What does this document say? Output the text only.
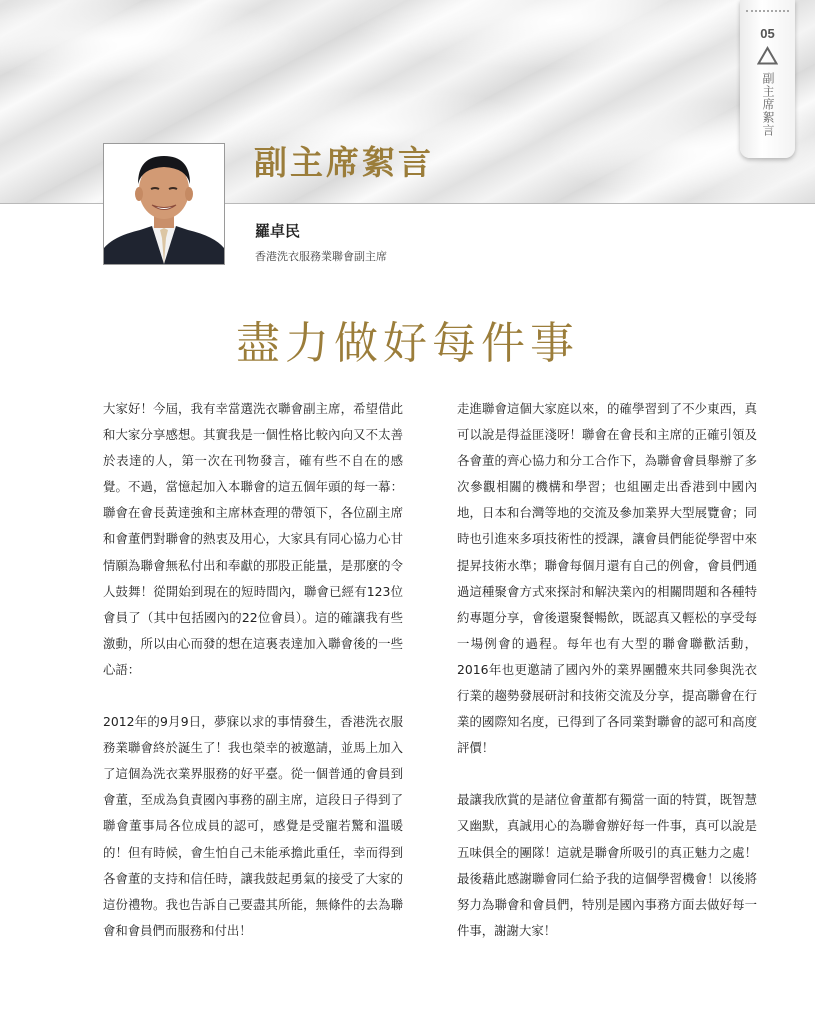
05
副主席絮言
副主席絮言
羅卓民
香港洗衣服務業聯會副主席
盡力做好每件事

大家好！今屆，我有幸當選洗衣聯會副主席，希望借此和大家分享感想。其實我是一個性格比較內向又不太善於表達的人，第一次在刊物發言，確有些不自在的感覺。不過，當憶起加入本聯會的這五個年頭的每一幕：聯會在會長黃達強和主席林查理的帶領下，各位副主席和會董們對聯會的熱衷及用心，大家具有同心協力心甘情願為聯會無私付出和奉獻的那股正能量，是那麼的令人鼓舞！從開始到現在的短時間內，聯會已經有123位會員了（其中包括國內的22位會員）。這的確讓我有些激動，所以由心而發的想在這裏表達加入聯會後的一些心語：

2012年的9月9日，夢寐以求的事情發生，香港洗衣服務業聯會終於誕生了！我也榮幸的被邀請，並馬上加入了這個為洗衣業界服務的好平臺。從一個普通的會員到會董，至成為負責國內事務的副主席，這段日子得到了聯會董事局各位成員的認可，感覺是受寵若驚和溫暖的！但有時候，會生怕自己未能承擔此重任，幸而得到各會董的支持和信任時，讓我鼓起勇氣的接受了大家的這份禮物。我也告訴自己要盡其所能，無條件的去為聯會和會員們而服務和付出！

走進聯會這個大家庭以來，的確學習到了不少東西，真可以說是得益匪淺呀！聯會在會長和主席的正確引領及各會董的齊心協力和分工合作下，為聯會會員舉辦了多次參觀相關的機構和學習；也組團走出香港到中國內地，日本和台灣等地的交流及參加業界大型展覽會；同時也引進來多項技術性的授課，讓會員們能從學習中來提昇技術水準；聯會每個月還有自己的例會，會員們通過這種聚會方式來探討和解決業內的相關問題和各種特約專題分享，會後還聚餐暢飲，既認真又輕松的享受每一場例會的過程。每年也有大型的聯會聯歡活動，2016年也更邀請了國內外的業界團體來共同參與洗衣行業的趨勢發展研討和技術交流及分享，提高聯會在行業的國際知名度，已得到了各同業對聯會的認可和高度評價！

最讓我欣賞的是諸位會董都有獨當一面的特質，既智慧又幽默，真誠用心的為聯會辦好每一件事，真可以說是五味俱全的團隊！這就是聯會所吸引的真正魅力之處！最後藉此感謝聯會同仁給予我的這個學習機會！以後將努力為聯會和會員們，特別是國內事務方面去做好每一件事，謝謝大家！
